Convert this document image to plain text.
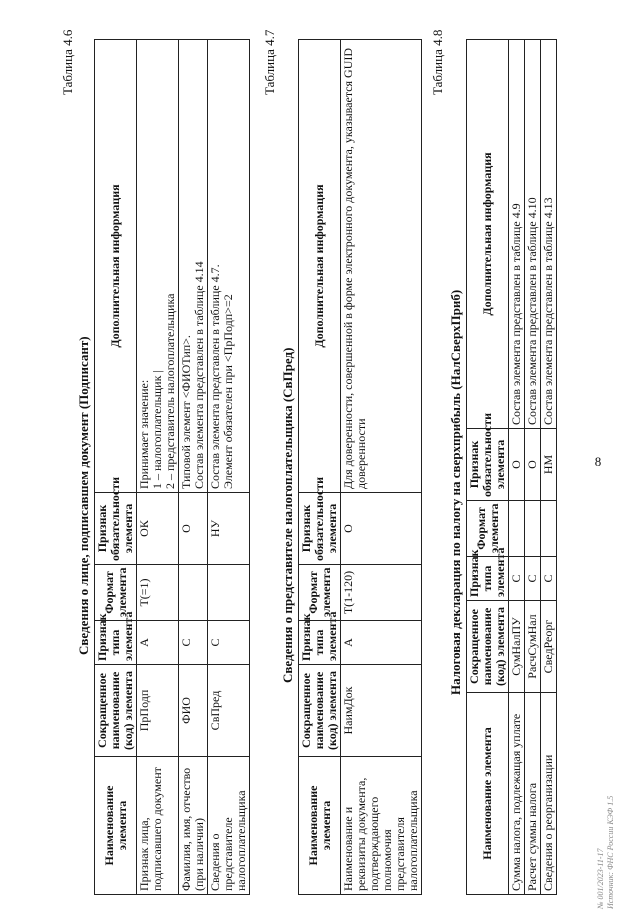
8
Таблица 4.6
Сведения о лице, подписавшем документ (Подписант)
Наименование элемента	Сокращенное наименование (код) элемента	Признак типа элемента	Формат элемента	Признак обязательности элемента	Дополнительная информация
Признак лица, подписавшего документ	ПрПодп	А	Т(=1)	ОК	Принимает значение: 1 – налогоплательщик | 2 – представитель налогоплательщика

Фамилия, имя, отчество (при наличии)	ФИО	С		О	Типовой элемент <ФИОТип>. Состав элемента представлен в таблице 4.14

Сведения о представителе налогоплательщика	СвПред	С		НУ	Состав элемента представлен в таблице 4.7. Элемент обязателен при <ПрПодп>=2
Таблица 4.7
Сведения о представителе налогоплательщика (СвПред)
Наименование элемента	Сокращенное наименование (код) элемента	Признак типа элемента	Формат элемента	Признак обязательности элемента	Дополнительная информация
Наименование и реквизиты документа, подтверждающего полномочия представителя налогоплательщика	НаимДок	А	Т(1-120)	О	Для доверенности, совершенной в форме электронного документа, указывается GUID доверенности
Таблица 4.8
Налоговая декларация по налогу на сверхприбыль (НалСверхПриб)
Наименование элемента	Сокращенное наименование (код) элемента	Признак типа элемента	Формат элемента	Признак обязательности элемента	Дополнительная информация
Сумма налога, подлежащая уплате	СумНалПУ	С		О	Состав элемента представлен в таблице 4.9
Расчет суммы налога	РасчСумНал	С		О	Состав элемента представлен в таблице 4.10
Сведения о реорганизации	СведРеорг	С		НМ	Состав элемента представлен в таблице 4.13
№ 001/2023-11-17 Источник: ФНС России КЭФ 1.5
